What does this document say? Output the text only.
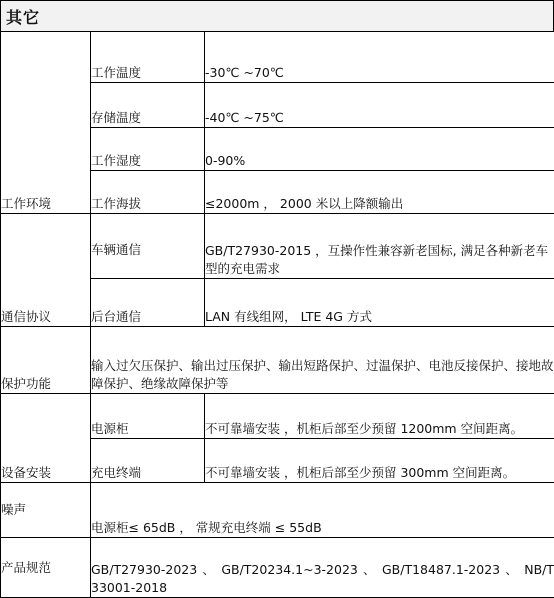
其它
工作环境	工作温度	-30℃ ~70℃
	存储温度	-40℃ ~75℃
	工作湿度	0-90%
	工作海拔	≤2000m ， 2000 米以上降额输出
通信协议	车辆通信	GB/T27930-2015 ，互操作性兼容新老国标, 满足各种新老车型的充电需求
	后台通信	LAN 有线组网， LTE 4G 方式
保护功能	输入过欠压保护、输出过压保护、输出短路保护、过温保护、电池反接保护、接地故障保护、绝缘故障保护等	
设备安装	电源柜	不可靠墙安装 ，机柜后部至少预留 1200mm 空间距离。
	充电终端	不可靠墙安装 ，机柜后部至少预留 300mm 空间距离。
噪声	电源柜≤ 65dB ， 常规充电终端 ≤ 55dB	
产品规范	GB/T27930-2023 、 GB/T20234.1~3-2023 、 GB/T18487.1-2023 、 NB/T
33001-2018	
